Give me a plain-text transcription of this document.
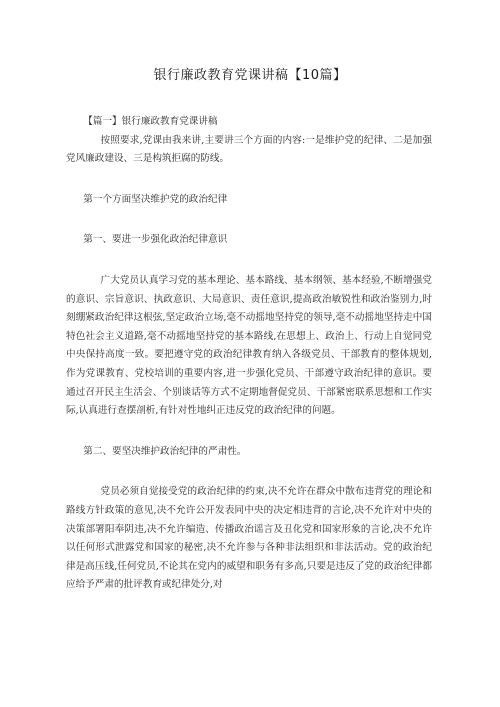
银行廉政教育党课讲稿【10篇】

【篇一】银行廉政教育党课讲稿

按照要求,党课由我来讲,主要讲三个方面的内容:一是维护党的纪律、二是加强党风廉政建设、三是构筑拒腐的防线。

第一个方面坚决维护党的政治纪律

第一、要进一步强化政治纪律意识

广大党员认真学习党的基本理论、基本路线、基本纲领、基本经验,不断增强党的意识、宗旨意识、执政意识、大局意识、责任意识,提高政治敏锐性和政治鉴别力,时刻绷紧政治纪律这根弦,坚定政治立场,毫不动摇地坚持党的领导,毫不动摇地坚持走中国特色社会主义道路,毫不动摇地坚持党的基本路线,在思想上、政治上、行动上自觉同党中央保持高度一致。要把遵守党的政治纪律教育纳入各级党员、干部教育的整体规划,作为党课教育、党校培训的重要内容,进一步强化党员、干部遵守政治纪律的意识。要通过召开民主生活会、个别谈话等方式不定期地督促党员、干部紧密联系思想和工作实际,认真进行查摆剖析,有针对性地纠正违反党的政治纪律的问题。

第二、要坚决维护政治纪律的严肃性。

党员必须自觉接受党的政治纪律的约束,决不允许在群众中散布违背党的理论和路线方针政策的意见,决不允许公开发表同中央的决定相违背的言论,决不允许对中央的决策部署阳奉阴违,决不允许编造、传播政治谣言及丑化党和国家形象的言论,决不允许以任何形式泄露党和国家的秘密,决不允许参与各种非法组织和非法活动。党的政治纪律是高压线,任何党员,不论其在党内的威望和职务有多高,只要是违反了党的政治纪律都应给予严肃的批评教育或纪律处分,对
